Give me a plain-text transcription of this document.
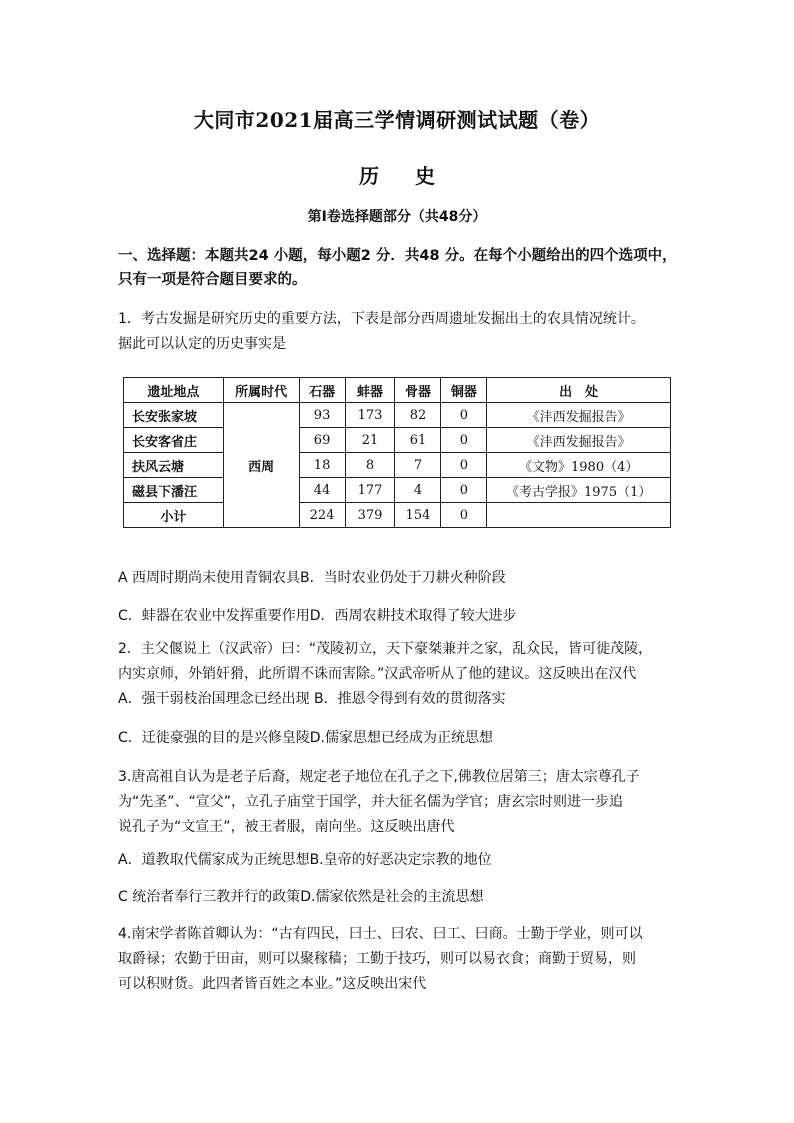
大同市2021届高三学情调研测试试题（卷）
历 史
第Ⅰ卷选择题部分（共48分）
一、选择题：本题共24 小题，每小题2 分．共48 分。在每个小题给出的四个选项中，
只有一项是符合题目要求的。
1．考古发掘是研究历史的重要方法，下表是部分西周遗址发掘出土的农具情况统计。
据此可以认定的历史事实是
遗址地点	所属时代	石器	蚌器	骨器	铜器	出　处
长安张家坡	西周	93	173	82	0	《沣西发掘报告》
长安客省庄		69	21	61	0	《沣西发掘报告》
扶风云塘		18	8	7	0	《文物》1980（4）
磁县下潘汪		44	177	4	0	《考古学报》1975（1）
小计		224	379	154	0	
A 西周时期尚未使用青铜农具B．当时农业仍处于刀耕火种阶段
C．蚌器在农业中发挥重要作用D．西周农耕技术取得了较大进步
2．主父偃说上（汉武帝）曰：“茂陵初立，天下豪桀兼并之家，乱众民，皆可徙茂陵，
内实京师，外销奸猾，此所谓不诛而害除。”汉武帝听从了他的建议。这反映出在汉代
A．强干弱枝治国理念已经出现 B．推恩令得到有效的贯彻落实
C．迁徙豪强的目的是兴修皇陵D.儒家思想已经成为正统思想
3.唐高祖自认为是老子后裔，规定老子地位在孔子之下,佛教位居第三；唐太宗尊孔子
为“先圣”、“宣父”，立孔子庙堂于国学，并大征名儒为学官；唐玄宗时则进一步追
说孔子为“文宣王”，被王者服，南向坐。这反映出唐代
A．道教取代儒家成为正统思想B.皇帝的好恶决定宗教的地位
C 统治者奉行三教并行的政策D.儒家依然是社会的主流思想
4.南宋学者陈首卿认为：“古有四民，曰士、曰农、曰工、曰商。士勤于学业，则可以
取爵禄；农勤于田亩，则可以聚稼穑；工勤于技巧，则可以易衣食；商勤于贸易，则
可以积财货。此四者皆百姓之本业。”这反映出宋代
